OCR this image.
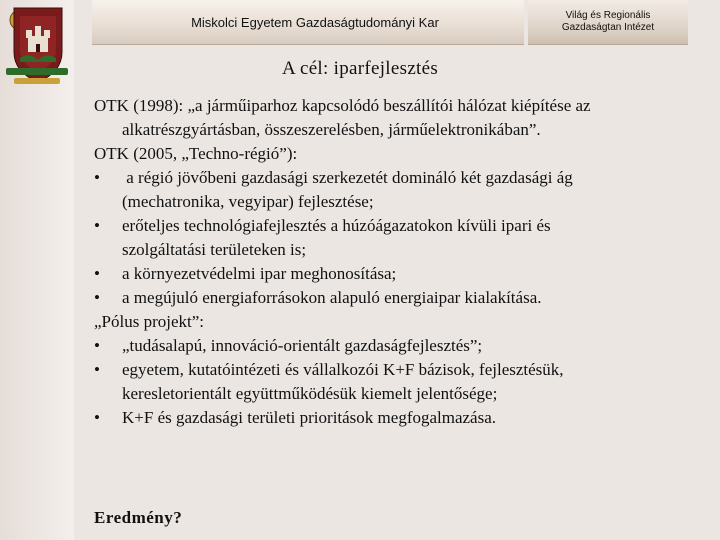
Miskolci Egyetem Gazdaságtudományi Kar	Világ és Regionális
Gazdaságtan Intézet
A cél: iparfejlesztés
OTK (1998): „a járműiparhoz kapcsolódó beszállítói hálózat kiépítése az
alkatrészgyártásban, összeszerelésben, járműelektronikában”.
OTK (2005, „Techno-régió”):
• a régió jövőbeni gazdasági szerkezetét domináló két gazdasági ág
(mechatronika, vegyipar) fejlesztése;
• erőteljes technológiafejlesztés a húzóágazatokon kívüli ipari és
szolgáltatási területeken is;
• a környezetvédelmi ipar meghonosítása;
• a megújuló energiaforrásokon alapuló energiaipar kialakítása.
„Pólus projekt”:
• „tudásalapú, innováció-orientált gazdaságfejlesztés”;
• egyetem, kutatóintézeti és vállalkozói K+F bázisok, fejlesztésük,
keresletorientált együttműködésük kiemelt jelentősége;
• K+F és gazdasági területi prioritások megfogalmazása.
Eredmény?
